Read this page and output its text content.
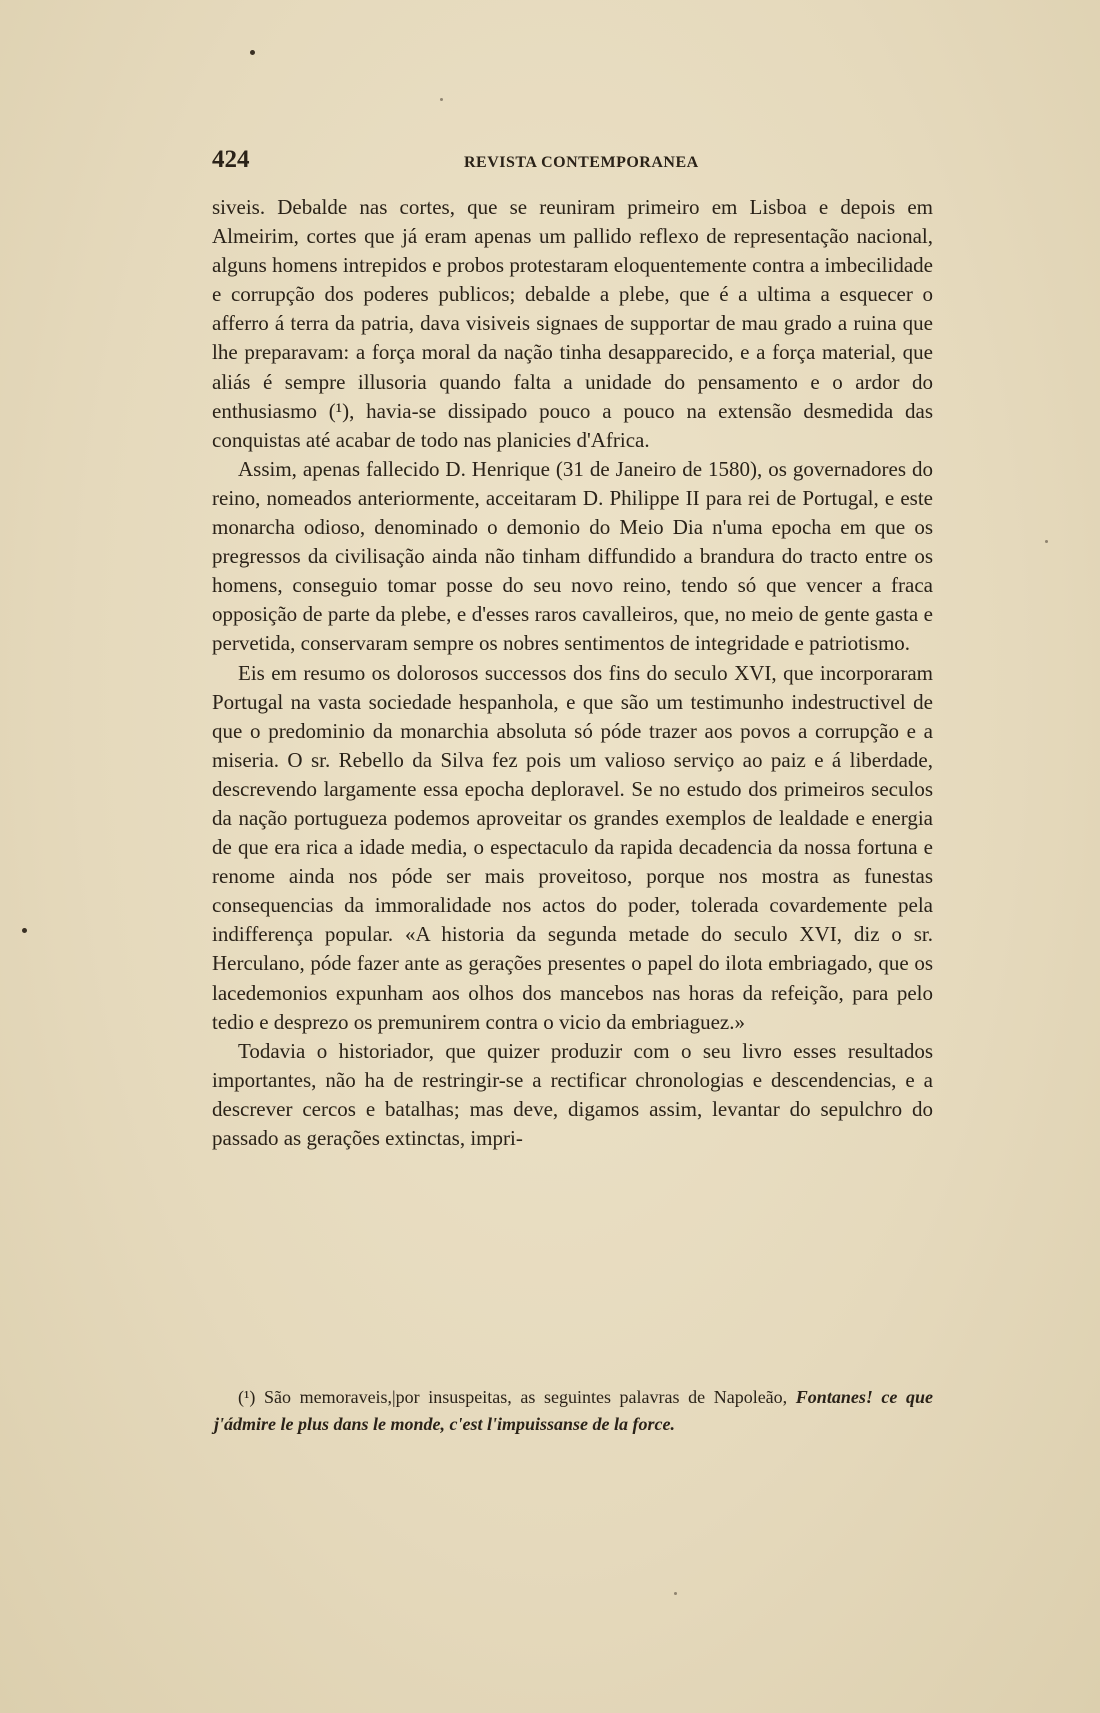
424	REVISTA CONTEMPORANEA

siveis. Debalde nas cortes, que se reuniram primeiro em Lisboa e depois em Almeirim, cortes que já eram apenas um pallido reflexo de representação nacional, alguns homens intrepidos e probos protestaram eloquentemente contra a imbecilidade e corrupção dos poderes publicos; debalde a plebe, que é a ultima a esquecer o afferro á terra da patria, dava visiveis signaes de supportar de mau grado a ruina que lhe preparavam: a força moral da nação tinha desapparecido, e a força material, que aliás é sempre illusoria quando falta a unidade do pensamento e o ardor do enthusiasmo (¹), havia-se dissipado pouco a pouco na extensão desmedida das conquistas até acabar de todo nas planicies d'Africa.

Assim, apenas fallecido D. Henrique (31 de Janeiro de 1580), os governadores do reino, nomeados anteriormente, acceitaram D. Philippe II para rei de Portugal, e este monarcha odioso, denominado o demonio do Meio Dia n'uma epocha em que os pregressos da civilisação ainda não tinham diffundido a brandura do tracto entre os homens, conseguio tomar posse do seu novo reino, tendo só que vencer a fraca opposição de parte da plebe, e d'esses raros cavalleiros, que, no meio de gente gasta e pervetida, conservaram sempre os nobres sentimentos de integridade e patriotismo.

Eis em resumo os dolorosos successos dos fins do seculo XVI, que incorporaram Portugal na vasta sociedade hespanhola, e que são um testimunho indestructivel de que o predominio da monarchia absoluta só póde trazer aos povos a corrupção e a miseria. O sr. Rebello da Silva fez pois um valioso serviço ao paiz e á liberdade, descrevendo largamente essa epocha deploravel. Se no estudo dos primeiros seculos da nação portugueza podemos aproveitar os grandes exemplos de lealdade e energia de que era rica a idade media, o espectaculo da rapida decadencia da nossa fortuna e renome ainda nos póde ser mais proveitoso, porque nos mostra as funestas consequencias da immoralidade nos actos do poder, tolerada covardemente pela indifferença popular. «A historia da segunda metade do seculo XVI, diz o sr. Herculano, póde fazer ante as gerações presentes o papel do ilota embriagado, que os lacedemonios expunham aos olhos dos mancebos nas horas da refeição, para pelo tedio e desprezo os premunirem contra o vicio da embriaguez.»

Todavia o historiador, que quizer produzir com o seu livro esses resultados importantes, não ha de restringir-se a rectificar chronologias e descendencias, e a descrever cercos e batalhas; mas deve, digamos assim, levantar do sepulchro do passado as gerações extinctas, impri-

(¹) São memoraveis,|por insuspeitas, as seguintes palavras de Napoleão, Fontanes! ce que j'ádmire le plus dans le monde, c'est l'impuissanse de la force.
